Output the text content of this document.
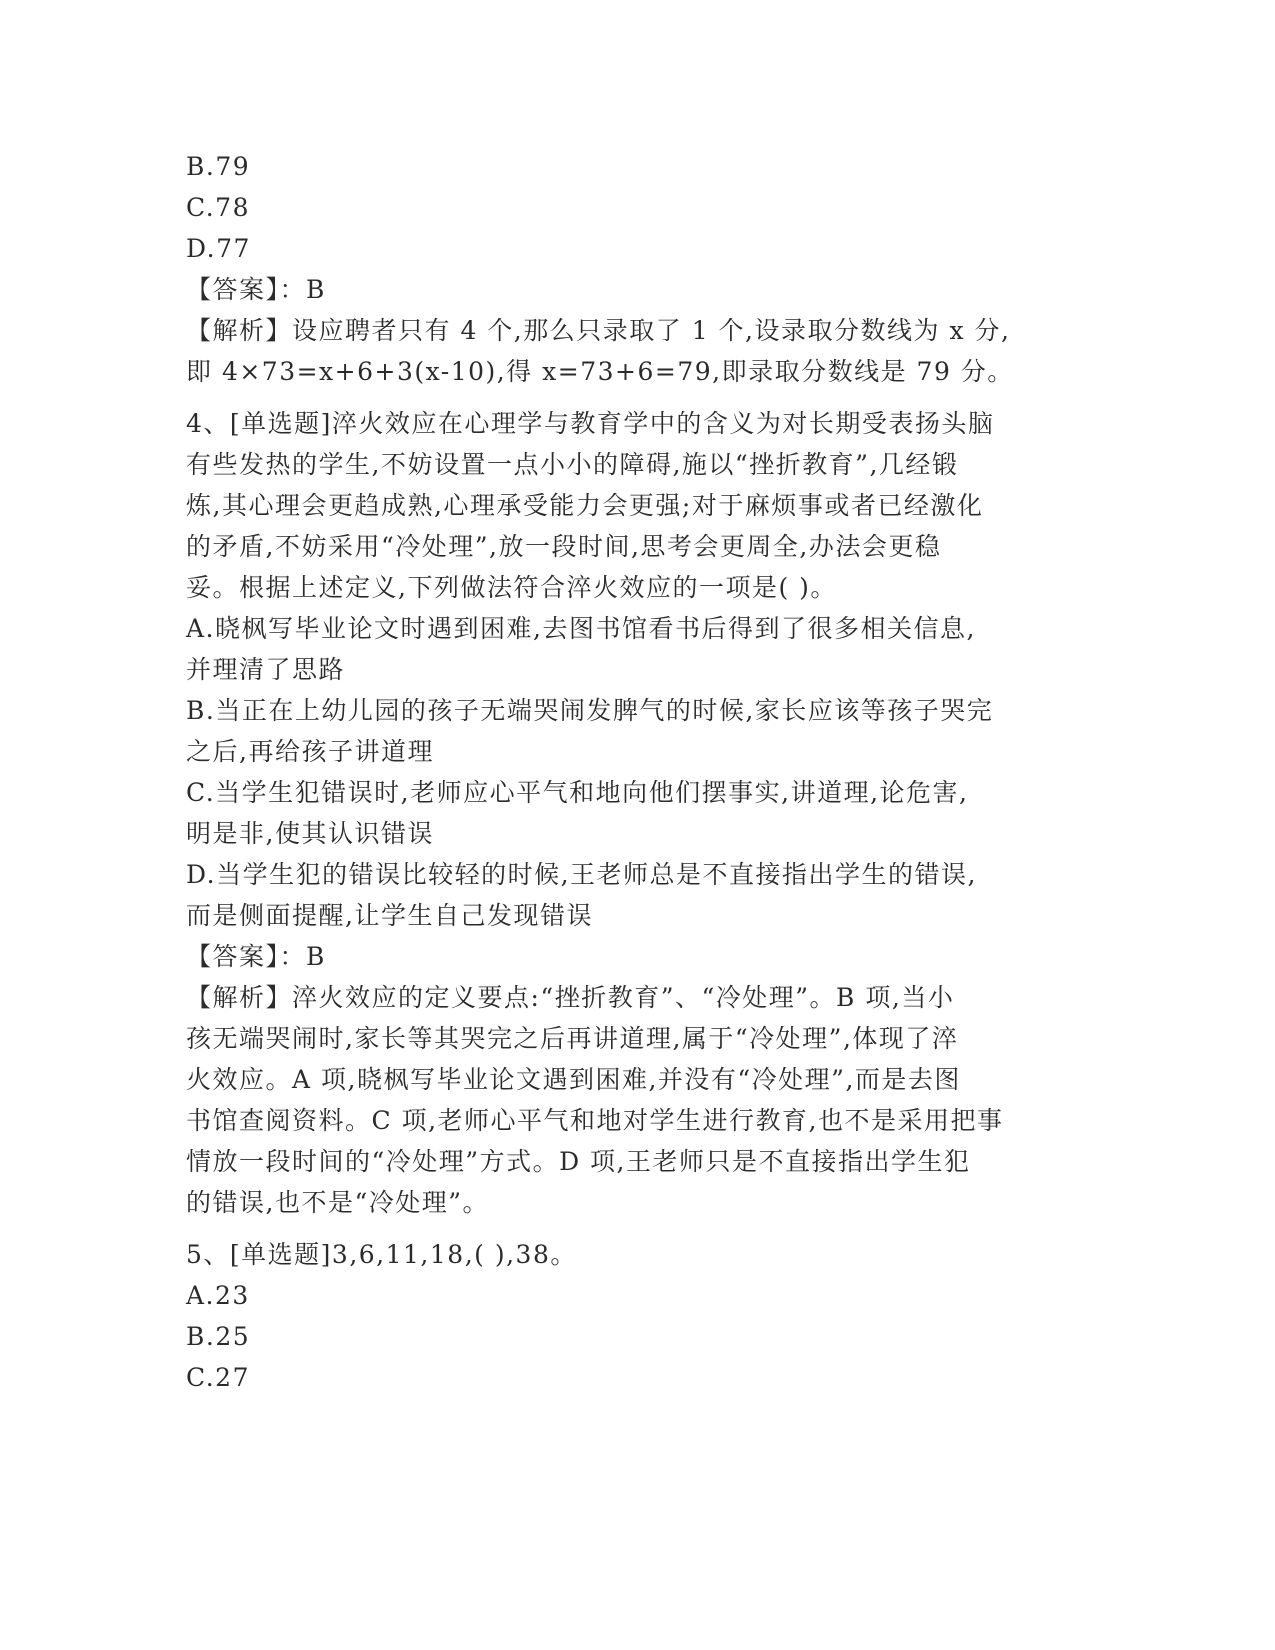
B.79

C.78

D.77

【答案】：B

【解析】设应聘者只有 4 个,那么只录取了 1 个,设录取分数线为 x 分,

即 4×73=x+6+3(x-10),得 x=73+6=79,即录取分数线是 79 分。

4、[单选题]淬火效应在心理学与教育学中的含义为对长期受表扬头脑

有些发热的学生,不妨设置一点小小的障碍,施以“挫折教育”,几经锻

炼,其心理会更趋成熟,心理承受能力会更强;对于麻烦事或者已经激化

的矛盾,不妨采用“冷处理”,放一段时间,思考会更周全,办法会更稳

妥。根据上述定义,下列做法符合淬火效应的一项是( )。

A.晓枫写毕业论文时遇到困难,去图书馆看书后得到了很多相关信息,

并理清了思路

B.当正在上幼儿园的孩子无端哭闹发脾气的时候,家长应该等孩子哭完

之后,再给孩子讲道理

C.当学生犯错误时,老师应心平气和地向他们摆事实,讲道理,论危害,

明是非,使其认识错误

D.当学生犯的错误比较轻的时候,王老师总是不直接指出学生的错误,

而是侧面提醒,让学生自己发现错误

【答案】：B

【解析】淬火效应的定义要点:“挫折教育”、“冷处理”。B 项,当小

孩无端哭闹时,家长等其哭完之后再讲道理,属于“冷处理”,体现了淬

火效应。A 项,晓枫写毕业论文遇到困难,并没有“冷处理”,而是去图

书馆查阅资料。C 项,老师心平气和地对学生进行教育,也不是采用把事

情放一段时间的“冷处理”方式。D 项,王老师只是不直接指出学生犯

的错误,也不是“冷处理”。

5、[单选题]3,6,11,18,( ),38。

A.23

B.25

C.27
